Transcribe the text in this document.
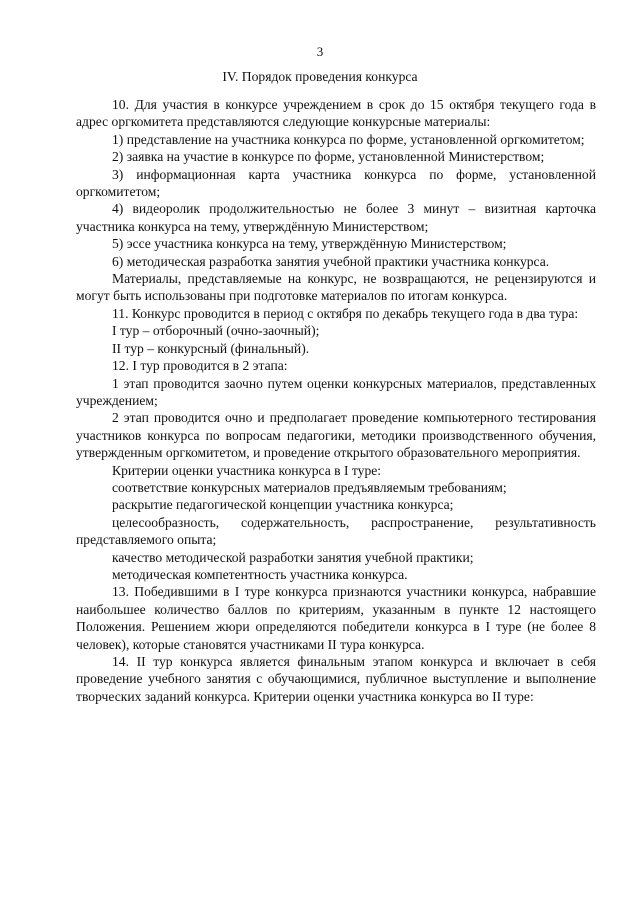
3
IV. Порядок проведения конкурса

10. Для участия в конкурсе учреждением в срок до 15 октября текущего года в адрес оргкомитета представляются следующие конкурсные материалы:

1) представление на участника конкурса по форме, установленной оргкомитетом;

2) заявка на участие в конкурсе по форме, установленной Министерством;

3) информационная карта участника конкурса по форме, установленной оргкомитетом;

4) видеоролик продолжительностью не более 3 минут – визитная карточка участника конкурса на тему, утверждённую Министерством;

5) эссе участника конкурса на тему, утверждённую Министерством;

6) методическая разработка занятия учебной практики участника конкурса.

Материалы, представляемые на конкурс, не возвращаются, не рецензируются и могут быть использованы при подготовке материалов по итогам конкурса.

11. Конкурс проводится в период с октября по декабрь текущего года в два тура:

I тур – отборочный (очно-заочный);

II тур – конкурсный (финальный).

12. I тур проводится в 2 этапа:

1 этап проводится заочно путем оценки конкурсных материалов, представленных учреждением;

2 этап проводится очно и предполагает проведение компьютерного тестирования участников конкурса по вопросам педагогики, методики производственного обучения, утвержденным оргкомитетом, и проведение открытого образовательного мероприятия.

Критерии оценки участника конкурса в I туре:

соответствие конкурсных материалов предъявляемым требованиям;

раскрытие педагогической концепции участника конкурса;

целесообразность, содержательность, распространение, результативность представляемого опыта;

качество методической разработки занятия учебной практики;

методическая компетентность участника конкурса.

13. Победившими в I туре конкурса признаются участники конкурса, набравшие наибольшее количество баллов по критериям, указанным в пункте 12 настоящего Положения. Решением жюри определяются победители конкурса в I туре (не более 8 человек), которые становятся участниками II тура конкурса.

14. II тур конкурса является финальным этапом конкурса и включает в себя проведение учебного занятия с обучающимися, публичное выступление и выполнение творческих заданий конкурса. Критерии оценки участника конкурса во II туре:
